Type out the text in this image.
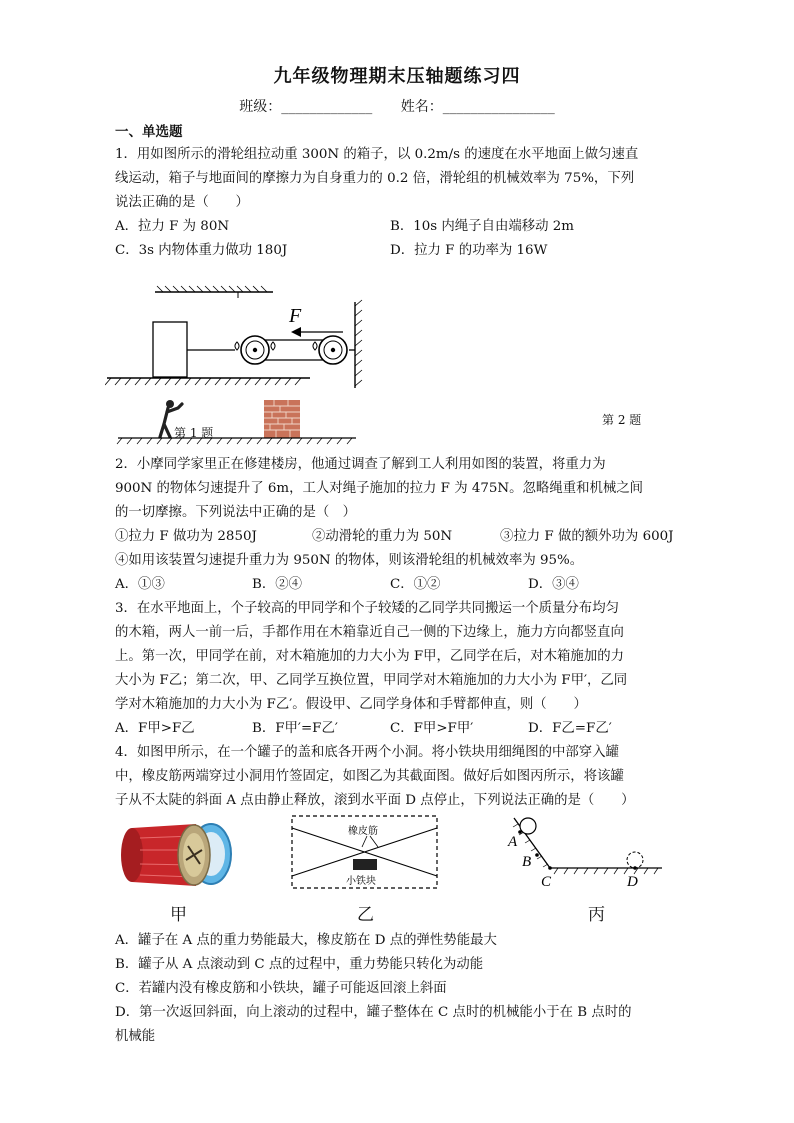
九年级物理期末压轴题练习四
班级：_____________ 姓名：________________
一、单选题
1．用如图所示的滑轮组拉动重 300N 的箱子，以 0.2m/s 的速度在水平地面上做匀速直
线运动，箱子与地面间的摩擦力为自身重力的 0.2 倍，滑轮组的机械效率为 75%，下列
说法正确的是（　　）
A．拉力 F 为 80N	B．10s 内绳子自由端移动 2m
C．3s 内物体重力做功 180J	D．拉力 F 的功率为 16W
F
第 1 题
第 2 题
2．小摩同学家里正在修建楼房，他通过调查了解到工人利用如图的装置，将重力为
900N 的物体匀速提升了 6m，工人对绳子施加的拉力 F 为 475N。忽略绳重和机械之间
的一切摩擦。下列说法中正确的是（　）
①拉力 F 做功为 2850J	②动滑轮的重力为 50N	③拉力 F 做的额外功为 600J
④如用该装置匀速提升重力为 950N 的物体，则该滑轮组的机械效率为 95%。
A．①③	B．②④	C．①②	D．③④
3．在水平地面上，个子较高的甲同学和个子较矮的乙同学共同搬运一个质量分布均匀
的木箱，两人一前一后，手都作用在木箱靠近自己一侧的下边缘上，施力方向都竖直向
上。第一次，甲同学在前，对木箱施加的力大小为 F甲，乙同学在后，对木箱施加的力
大小为 F乙；第二次，甲、乙同学互换位置，甲同学对木箱施加的力大小为 F甲′，乙同
学对木箱施加的力大小为 F乙′。假设甲、乙同学身体和手臂都伸直，则（　　）
A．F甲>F乙	B．F甲′=F乙′	C．F甲>F甲′	D．F乙=F乙′
4．如图甲所示，在一个罐子的盖和底各开两个小洞。将小铁块用细绳图的中部穿入罐
中，橡皮筋两端穿过小洞用竹签固定，如图乙为其截面图。做好后如图丙所示，将该罐
子从不太陡的斜面 A 点由静止释放，滚到水平面 D 点停止，下列说法正确的是（　　）
橡皮筋
小铁块
A
B
C	D
甲	乙	丙
A．罐子在 A 点的重力势能最大，橡皮筋在 D 点的弹性势能最大
B．罐子从 A 点滚动到 C 点的过程中，重力势能只转化为动能
C．若罐内没有橡皮筋和小铁块，罐子可能返回滚上斜面
D．第一次返回斜面，向上滚动的过程中，罐子整体在 C 点时的机械能小于在 B 点时的
机械能
